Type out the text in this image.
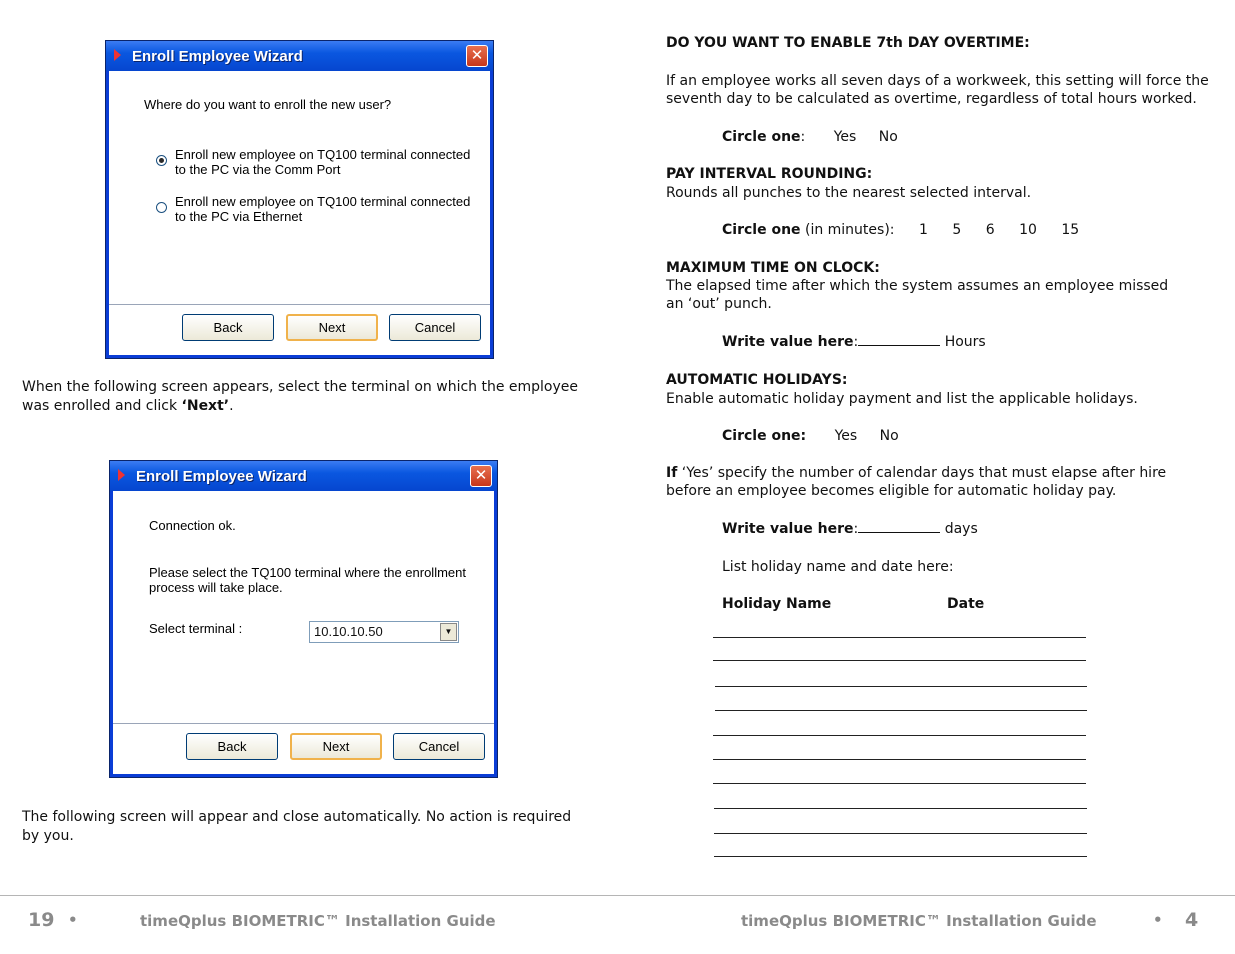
Enroll Employee Wizard	✕
Where do you want to enroll the new user?
Enroll new employee on TQ100 terminal connected
to the PC via the Comm Port
Enroll new employee on TQ100 terminal connected
to the PC via Ethernet
Back	Next	Cancel
When the following screen appears, select the terminal on which the employee
was enrolled and click ‘Next’.
Enroll Employee Wizard	✕
Connection ok.
Please select the TQ100 terminal where the enrollment
process will take place.
Select terminal :	10.10.10.50	▼
Back	Next	Cancel
The following screen will appear and close automatically. No action is required
by you.
DO YOU WANT TO ENABLE 7th DAY OVERTIME:
If an employee works all seven days of a workweek, this setting will force the
seventh day to be calculated as overtime, regardless of total hours worked.
Circle one: Yes No
PAY INTERVAL ROUNDING:
Rounds all punches to the nearest selected interval.
Circle one (in minutes): 1 5 6 10 15
MAXIMUM TIME ON CLOCK:
The elapsed time after which the system assumes an employee missed
an ‘out’ punch.
Write value here:	Hours
AUTOMATIC HOLIDAYS:
Enable automatic holiday payment and list the applicable holidays.
Circle one: Yes No
If ‘Yes’ specify the number of calendar days that must elapse after hire
before an employee becomes eligible for automatic holiday pay.
Write value here:	days
List holiday name and date here:
Holiday Name	Date
19 •	timeQplus BIOMETRIC™ Installation Guide	timeQplus BIOMETRIC™ Installation Guide	• 4
